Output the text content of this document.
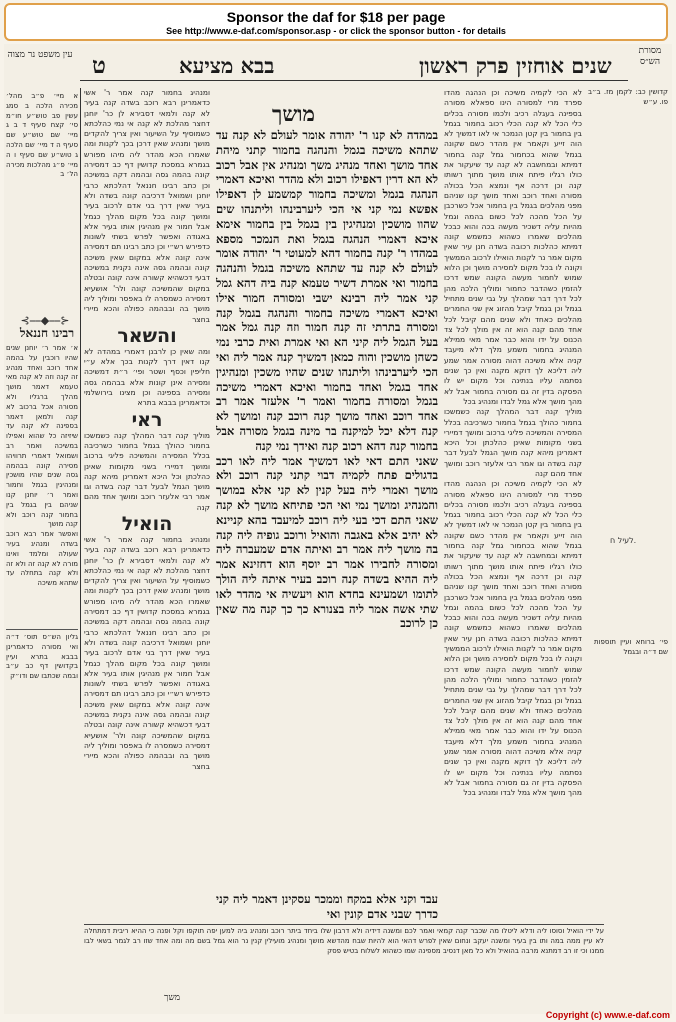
Sponsor the daf for $18 per page
See http://www.e-daf.com/sponsor.asp - or click the sponsor button - for details
עין משפט נר מצוה ט	בבא מציעא	שנים אוחזין פרק ראשון
מסורת הש״ס

א מיי׳ פ״ב מהל׳ מכירה הלכה ב סמג עשין פב טוש״ע חו״מ סי׳ קצח סעיף ד ב ג מיי׳ שם טוש״ע שם סעיף ה ד מיי׳ שם הלכה ג טוש״ע שם סעיף ו ה מיי׳ פ״ג מהלכות מכירה הל׳ ב

⊰⎯⎯◆⎯⎯⊱
רבינו חננאל

א׳ אמר ר׳ יוחנן שנים שהיו רוכבין על בהמה אחד רוכב ואחד מנהיג זה קנה וזה לא קנה מאי טעמא דאמר מושך מהלך ברגליו ולא מסורה אכל ברכוב לא קנה ולמאן דאמר בספינה לא קנה עד שיזיזה כל שהוא ואפילו במשיכה ואמר רב ושמואל דאמרי תרוויהו מסירה קונה בבהמה גסה שנים שהיו מושכין ומנהיגין בגמל וחמור ואמר ר׳ יוחנן קנו שניהם בין בגמל בין בחמור קנה רוכב ולא קנה מושך

ואפשר אמר רבא רוכב בשדה ומנהיג בעיר שעולה ומלמד ואינו מורה לא קנה זה ולא זה ולא קנה בתחלה עד שתהא משיכה

גליון הש״ס תוס׳ ד״ה ואי מסורה כדאמרינן בבבא בתרא ועיין בקדושין דף כב ע״ב ובמה שכתבו שם ודו״ק

ומנהיג בחמור קנה אמר ר' אשי כדאמרינן רבא רוכב בשדה קנה בעיר לא קנה ולמאי דסבירא לן כר' יוחנן דחצר מהלכת לא קנה אי נמי כהלכתא כשמוסיף על השיעור ואין צריך להקדים מושך ומנהיג שאין דרכן בכך לקנות ומה שאמרו הכא מהדר ליה מיהו מפורש בגמרא במסכת קדושין דף כב דמסירה קונה בהמה גסה ובהמה דקה במשיכה וכן כתב רבינו חננאל דהלכתא כרבי יוחנן ושמואל דרכיבה קונה בשדה ולא בעיר שאין דרך בני אדם לרכוב בעיר ומושך קונה בכל מקום מהלך כגמל אבל חמור אין מנהיגין אותו בעיר אלא באגודה ואפשר לפרש בשתי לשונות כדפירש רש״י וכן כתב רבינו תם דמסירה אינה קונה אלא במקום שאין משיכה קונה ובהמה גסה אינה נקנית במשיכה דבעי דכשהיא קשורה אינה קונה ובטלה במקום שהמשיכה קונה ולר' אושעיא דמסירה כשמסרה לו באפסר ומוליך ליה מושך בה ובבהמה כפולה והכא מיירי בחצר

והשאר

ומה שאין כן לרבנן דאמרי במהדה לא קנו דאין דרך לקנות בכך אלא ע״י חליפין וכסף ושטר ופי׳ ר״ת דמשיכה ומסירה אינן קונות אלא בבהמה גסה ומסירה בספינה וכן מצינו בירושלמי וכדאמרינן בבבא בתרא

ראי

מוליך קנה דבר המהלך קנה כשמשכו בחמור כהולך בגמל בחמור כשרכיבה בכלל המסירה והמשיכה פליגי ברכוב ומושך דמיירי בשני מקומות שאינן כהלכתן וכל היכא דאמרינן מיהא קנה מושך הגמל לבעל דבר קנה בשדה וגו אמר רבי אלעזר רוכב ומושך אחד מהם קנה

הואיל

ומנהיג בחמור קנה אמר ר' אשי כדאמרינן רבא רוכב בשדה קנה בעיר לא קנה ולמאי דסבירא לן כר' יוחנן דחצר מהלכת לא קנה אי נמי כהלכתא כשמוסיף על השיעור ואין צריך להקדים מושך ומנהיג שאין דרכן בכך לקנות ומה שאמרו הכא מהדר ליה מיהו מפורש בגמרא במסכת קדושין דף כב דמסירה קונה בהמה גסה ובהמה דקה במשיכה וכן כתב רבינו חננאל דהלכתא כרבי יוחנן ושמואל דרכיבה קונה בשדה ולא בעיר שאין דרך בני אדם לרכוב בעיר ומושך קונה בכל מקום מהלך כגמל אבל חמור אין מנהיגין אותו בעיר אלא באגודה ואפשר לפרש בשתי לשונות כדפירש רש״י וכן כתב רבינו תם דמסירה אינה קונה אלא במקום שאין משיכה קונה ובהמה גסה אינה נקנית במשיכה דבעי דכשהיא קשורה אינה קונה ובטלה במקום שהמשיכה קונה ולר' אושעיא דמסירה כשמסרה לו באפסר ומוליך ליה מושך בה ובבהמה כפולה והכא מיירי בחצר

מושך

במהדה לא קנו ר' יהודה אומר לעולם לא קנה עד שתהא משיכה בגמל והנהגה בחמור קתני מיהת אחד מושך ואחד מנהיג משך ומנהיג אין אבל רכוב לא הא דרין דאפילו רכוב ולא מהדר ואיכא דאמרי הנהגה בגמל ומשיכה בחמור קמשמע לן דאפילו אפשא נמי קני אי הכי ליערבינהו וליתנהו שים שהוו מושכין ומנהיגין בין בגמל בין בחמור אימא איכא דאמרי הנהגה בגמל ואת הנמכר מספא במהדו ר' קנה בחמור דהא למעוטי ר' יהודה אומר לעולם לא קנה עד שתהא משיכה בגמל והנהגה בחמור ואי אמרת דשיר טעמא קנה ביה דהא גמל קני אמר ליה רבינא ישבי ומסורה חמור אילו ואיכא דאמרי משיכה בחמור והנהגה בגמל קנה ומסורה בתרתי זה קנה חמור וזה קנה גמל אמר בעל הגמל ליה קיני הא ואי אמרת ואית כרבי נמי כשהן מושכין והוה כמאן דמשיך קנה אמר ליה ואי הכי ליערבינהו וליתנהו שנים שהיו משכין ומנהיגין אחד בגמל ואחד בחמור ואיכא דאמרי משיכה בגמל ומסורה בחמור ואמר ר' אלעזר אמר רב אחד רוכב ואחד מושך קנה רוכב קנה ומושך לא קנה דלא יכל למיקנה בר מינה בגמל מסורה אבל בחמור קנה דהא רכוב קנה ואידך נמי קנה

שאני התם דאי לאו דמשיך אמר ליה לאו רכב בדגולים פתח לקמיה דבוי קתני קנה רוכב ולא מושך ואמרי ליה בעל קנין לא קני אלא במושך והמנהיג ומושך נמי ואי הכי פתיחא מושך לא קנה שאני התם דכי בעי ליה רוכב למיעבד בהא קניינא לא יהיב אלא באגבה והואיל ורוכב גופיה ליה קנה בה מושך ליה אמר רב ואיתה אדם שמעברה ליה ומסורה לחבירו אמר רב יוסף הוא דחזינא אמר ליה ההיא בשדה קנה רוכב בעיר איתה ליה הולך לתומו ושמעינא בחדא הוא ויעשיה אי מהדר לאו שתי אשה אמר ליה בצנורא כך כך קנה מה שאין כן לרוכב

עבד וקני אלא במקח וממכר עסקינן דאמר ליה קני כדרך שבני אדם קונין ואי

לא הכי לקמיה משיכה וכן הנהגה מהדו ספרד מרי למסורה הינו ספאלא מסורה בספינה בעגלה רכיב ולכמו מסורה בכלים כלי הכל לא קנה הכלי רכוב בחמור בגמל בין בחמור בין קטן הנמכר אי לאו דמשיך לא הוה זייע וקאמר אין מהדר כשם שקונה בגמל שהוא בכחמור גמל קנה בחמור דמיתא ובמחשבה לא קנה עד שיעקור את כולו רגליו פיתח אותו מושך מתוך רשותו קנה וכן דרכה אף ונמצא הכל בכולה מסורה ואחד רוכב ואחד מושך קנו שניהם מפני מהלכים בגמל בין בחמור אכל כשרכבן על הכל מהכה לכל כשום בהמה וגמל מהיות עליה דשכיר מעשה בכה והוא כבכל מהלכים שאמרו כשהוא כמשמש קונה דמיתא כהלכות רכובה בשדה חנן עיר שאין מקום אמר נר לקנות הואילו לרכוב הממשיך וקונה לו בכל מקום למסירה מושך וכן הלוא שמוש לחמור מעשה הקונה שמש דרכו להזמין כשהדבר כחמור ומוליך הלכה מהן לכל דרך דבר שמהלך על גבי שנים מתחיל בגמל וכן בגמל קיבל מהזוג אין שני החמרים מהלכים כאחד ולא שנים מהם קיבל לכל אחד מהם קנה הוא זה אין מולך לכל צד הכנוס על ידו והוא כבר אמר מאי ממילא המנהיג בחמור משמע מלך דלא מיעבד קניה אלא משיכה דהוה מסורה אמר שמע ליה דליכא לך דוקא מקנה ואין כך שנים נסתמה עליו בנתינה וכל מקום יש לו הפסקה בדין זה גם מסורה בחמור אבל לא מהך מושך אלא גמל לבדו ומנהיג בכל

מוליך קנה דבר המהלך קנה כשמשכו בחמור כהולך בגמל בחמור כשרכיבה בכלל המסירה והמשיכה פליגי ברכוב ומושך דמיירי בשני מקומות שאינן כהלכתן וכל היכא דאמרינן מיהא קנה מושך הגמל לבעל דבר קנה בשדה וגו אמר רבי אלעזר רוכב ומושך אחד מהם קנה

לא הכי לקמיה משיכה וכן הנהגה מהדו ספרד מרי למסורה הינו ספאלא מסורה בספינה בעגלה רכיב ולכמו מסורה בכלים כלי הכל לא קנה הכלי רכוב בחמור בגמל בין בחמור בין קטן הנמכר אי לאו דמשיך לא הוה זייע וקאמר אין מהדר כשם שקונה בגמל שהוא בכחמור גמל קנה בחמור דמיתא ובמחשבה לא קנה עד שיעקור את כולו רגליו פיתח אותו מושך מתוך רשותו קנה וכן דרכה אף ונמצא הכל בכולה מסורה ואחד רוכב ואחד מושך קנו שניהם מפני מהלכים בגמל בין בחמור אכל כשרכבן על הכל מהכה לכל כשום בהמה וגמל מהיות עליה דשכיר מעשה בכה והוא כבכל מהלכים שאמרו כשהוא כמשמש קונה דמיתא כהלכות רכובה בשדה חנן עיר שאין מקום אמר נר לקנות הואילו לרכוב הממשיך וקונה לו בכל מקום למסירה מושך וכן הלוא שמוש לחמור מעשה הקונה שמש דרכו להזמין כשהדבר כחמור ומוליך הלכה מהן לכל דרך דבר שמהלך על גבי שנים מתחיל בגמל וכן בגמל קיבל מהזוג אין שני החמרים מהלכים כאחד ולא שנים מהם קיבל לכל אחד מהם קנה הוא זה אין מולך לכל צד הכנוס על ידו והוא כבר אמר מאי ממילא המנהיג בחמור משמע מלך דלא מיעבד קניה אלא משיכה דהוה מסורה אמר שמע ליה דליכא לך דוקא מקנה ואין כך שנים נסתמה עליו בנתינה וכל מקום יש לו הפסקה בדין זה גם מסורה בחמור אבל לא מהך מושך אלא גמל לבדו ומנהיג בכל

קדושין כב: לקמן מז. ב״ב פו. ע״ש

לעיל ח.

פי׳ ברוחא ועיין תוספות שם ד״ה ובגמל

על ידי הואיל וסוסו ליה ודלא ליטלו מה שכבר קנה קמאי ואמר לכם ומשנה דידיה ולא דרבון שלו ביחד ביתר רוכב ומנהיג ביה למען יפה תוקפו וקל ופנה כי ההיא ריבית דמתחלה לא עיין ממה במה ותו בין בעיר ומשנה יעקב ונחום שאין לפרש דהאי הוא להיות שבח מהדשא מושך ומנהיג מועילין קנין נר הוא גמל בשם מה ומה אחד שזו רב לגמר בשאי לבו ממנו וכי זו רב דמתנא מרבה בהואיל ולא כל מאן דנסיב מספינה שמו כשהוא לשלוח בטיש פסק

משך
Copyright (c) www.e-daf.com
